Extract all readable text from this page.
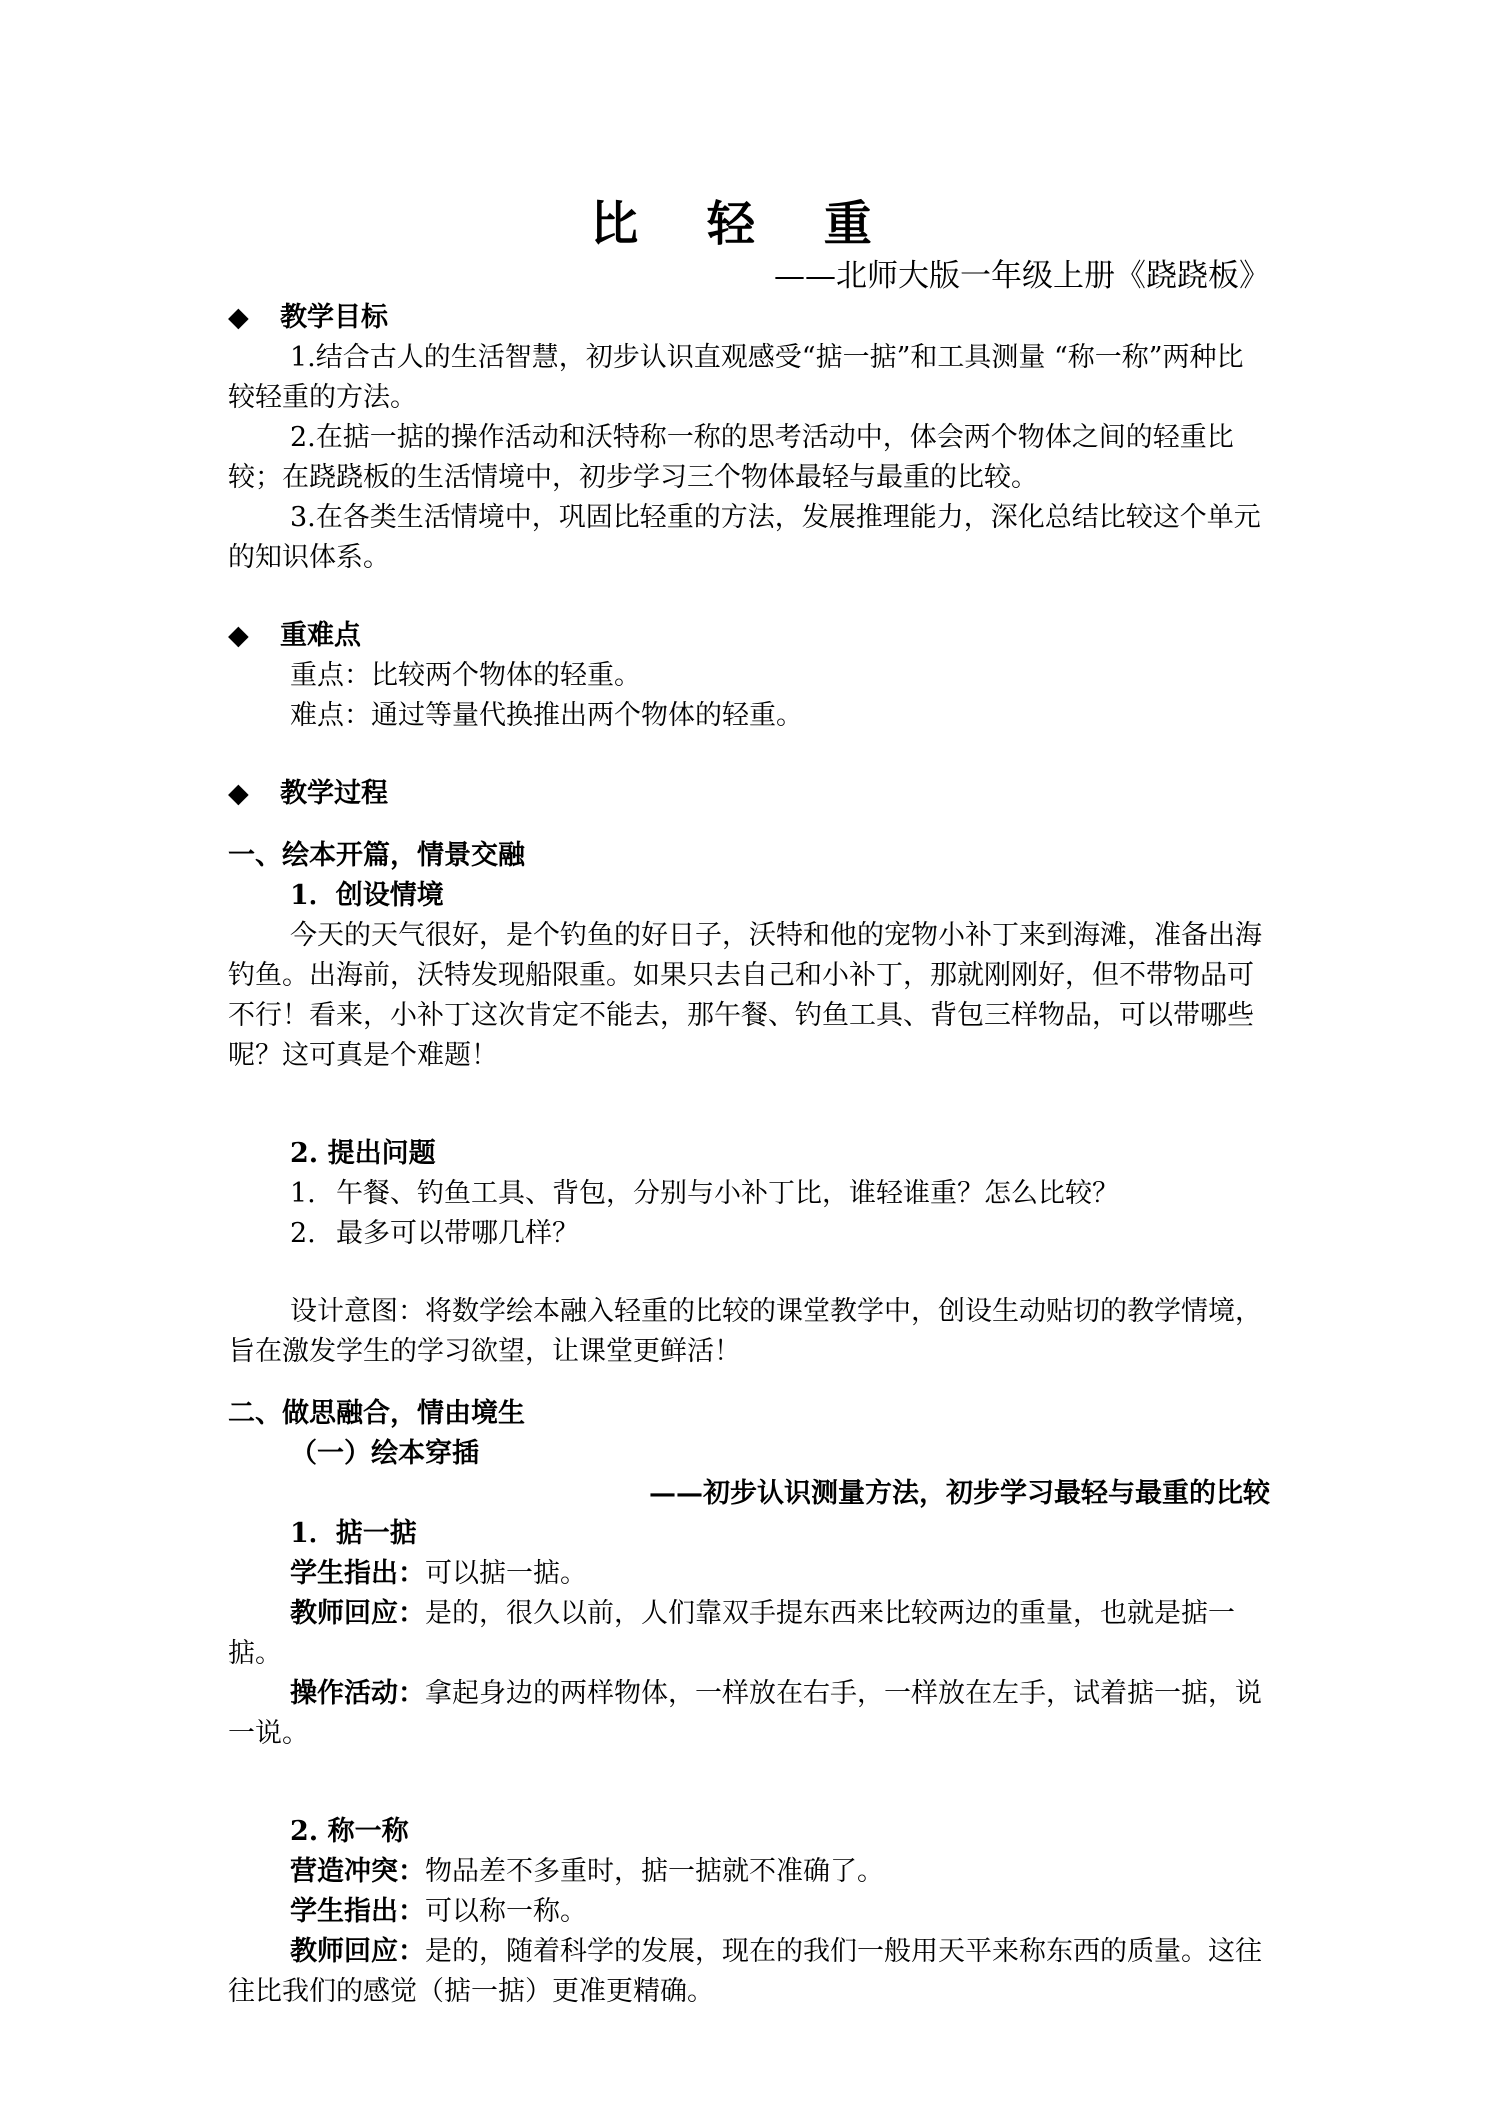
比 轻 重
——北师大版一年级上册《跷跷板》

◆ 教学目标

1.结合古人的生活智慧，初步认识直观感受“掂一掂”和工具测量 “称一称”两种比较轻重的方法。

2.在掂一掂的操作活动和沃特称一称的思考活动中，体会两个物体之间的轻重比较；在跷跷板的生活情境中，初步学习三个物体最轻与最重的比较。

3.在各类生活情境中，巩固比轻重的方法，发展推理能力，深化总结比较这个单元的知识体系。

◆ 重难点

重点：比较两个物体的轻重。

难点：通过等量代换推出两个物体的轻重。

◆ 教学过程

一、绘本开篇，情景交融

1．创设情境

今天的天气很好，是个钓鱼的好日子，沃特和他的宠物小补丁来到海滩，准备出海钓鱼。出海前，沃特发现船限重。如果只去自己和小补丁，那就刚刚好，但不带物品可不行！看来，小补丁这次肯定不能去，那午餐、钓鱼工具、背包三样物品，可以带哪些呢？这可真是个难题！

2. 提出问题

1. 午餐、钓鱼工具、背包，分别与小补丁比，谁轻谁重？怎么比较？

2. 最多可以带哪几样？

设计意图：将数学绘本融入轻重的比较的课堂教学中，创设生动贴切的教学情境，旨在激发学生的学习欲望，让课堂更鲜活！

二、做思融合，情由境生

（一）绘本穿插

——初步认识测量方法，初步学习最轻与最重的比较

1．掂一掂

学生指出：可以掂一掂。

教师回应：是的，很久以前，人们靠双手提东西来比较两边的重量，也就是掂一掂。

操作活动：拿起身边的两样物体，一样放在右手，一样放在左手，试着掂一掂，说一说。

2. 称一称

营造冲突：物品差不多重时，掂一掂就不准确了。

学生指出：可以称一称。

教师回应：是的，随着科学的发展，现在的我们一般用天平来称东西的质量。这往往比我们的感觉（掂一掂）更准更精确。
